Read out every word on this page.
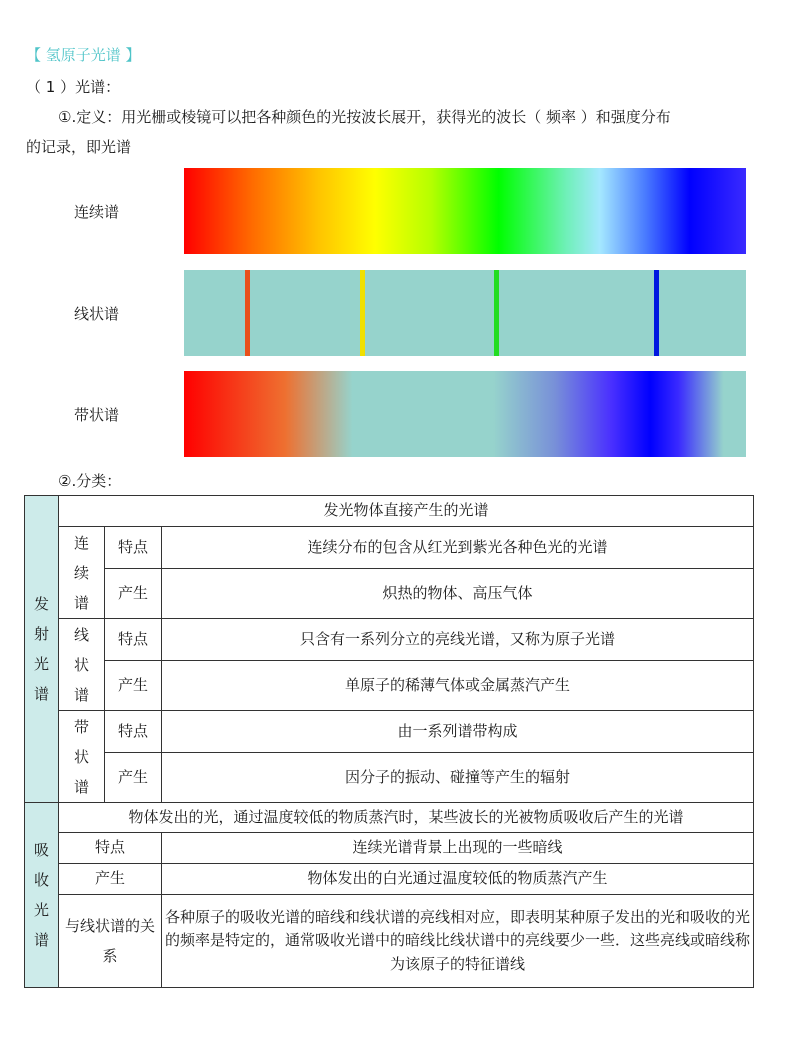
【 氢原子光谱 】
（ 1 ）光谱：
①.定义：用光栅或棱镜可以把各种颜色的光按波长展开，获得光的波长（ 频率 ）和强度分布
的记录，即光谱
连续谱
线状谱
带状谱
②.分类：
发
射
光
谱	发光物体直接产生的光谱		

	连
续
谱	特点	连续分布的包含从红光到紫光各种色光的光谱
		产生	炽热的物体、高压气体

	线
状
谱	特点	只含有一系列分立的亮线光谱，又称为原子光谱
		产生	单原子的稀薄气体或金属蒸汽产生

	带
状
谱	特点	由一系列谱带构成
		产生	因分子的振动、碰撞等产生的辐射

吸
收
光
谱	物体发出的光，通过温度较低的物质蒸汽时，某些波长的光被物质吸收后产生的光谱		
	特点		连续光谱背景上出现的一些暗线
	产生		物体发出的白光通过温度较低的物质蒸汽产生
	与线状谱的关系		各种原子的吸收光谱的暗线和线状谱的亮线相对应，即表明某种原子发出的光和吸收的光的频率是特定的，通常吸收光谱中的暗线比线状谱中的亮线要少一些．这些亮线或暗线称为该原子的特征谱线
